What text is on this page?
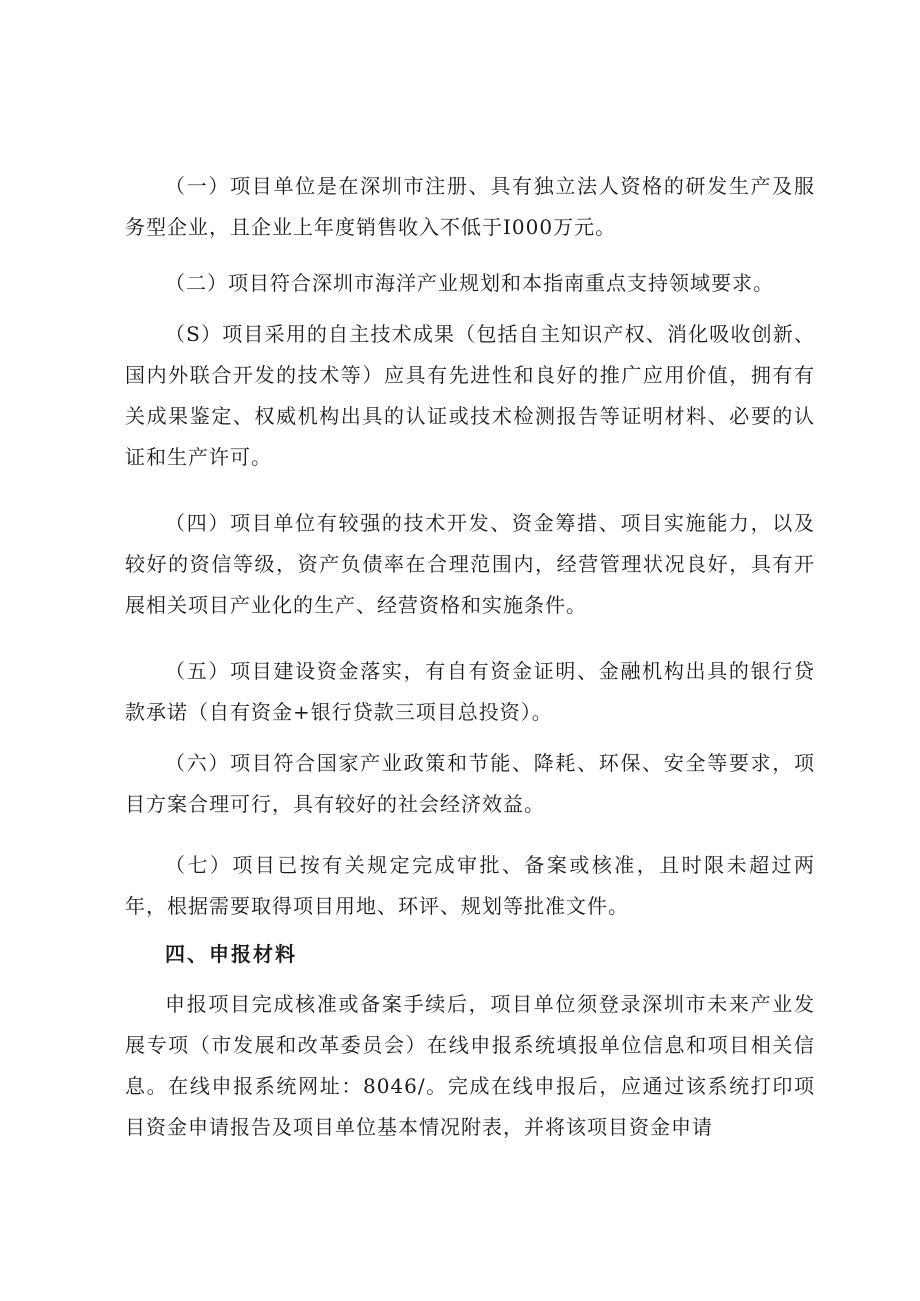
（一）项目单位是在深圳市注册、具有独立法人资格的研发生产及服务型企业，且企业上年度销售收入不低于I000万元。

（二）项目符合深圳市海洋产业规划和本指南重点支持领域要求。

（S）项目采用的自主技术成果（包括自主知识产权、消化吸收创新、国内外联合开发的技术等）应具有先进性和良好的推广应用价值，拥有有关成果鉴定、权威机构出具的认证或技术检测报告等证明材料、必要的认证和生产许可。

（四）项目单位有较强的技术开发、资金筹措、项目实施能力，以及较好的资信等级，资产负债率在合理范围内，经营管理状况良好，具有开展相关项目产业化的生产、经营资格和实施条件。

（五）项目建设资金落实，有自有资金证明、金融机构出具的银行贷款承诺（自有资金+银行贷款三项目总投资）。

（六）项目符合国家产业政策和节能、降耗、环保、安全等要求，项目方案合理可行，具有较好的社会经济效益。

（七）项目已按有关规定完成审批、备案或核准，且时限未超过两年，根据需要取得项目用地、环评、规划等批准文件。

四、申报材料

申报项目完成核准或备案手续后，项目单位须登录深圳市未来产业发展专项（市发展和改革委员会）在线申报系统填报单位信息和项目相关信息。在线申报系统网址：8046/。完成在线申报后，应通过该系统打印项目资金申请报告及项目单位基本情况附表，并将该项目资金申请
